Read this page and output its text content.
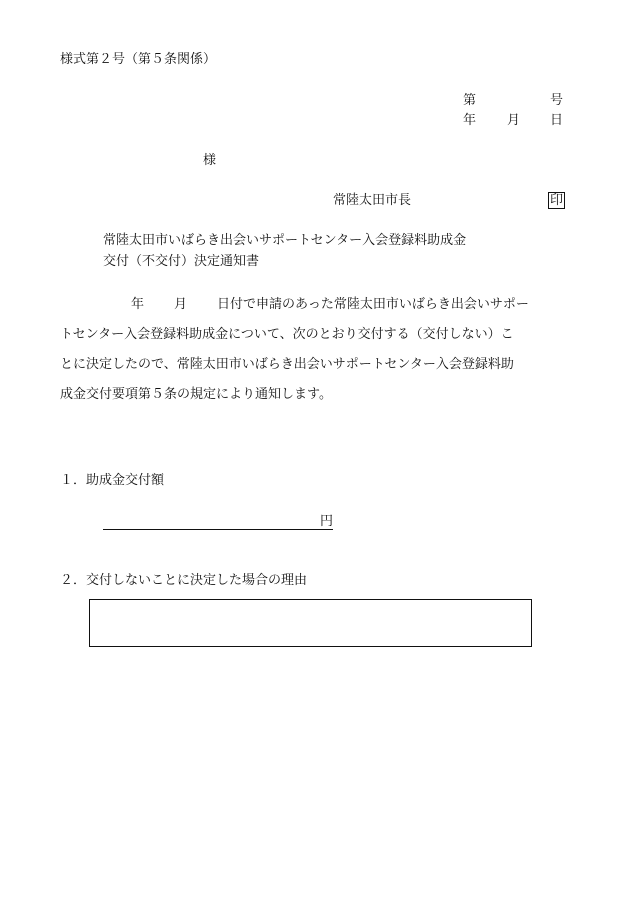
様式第２号（第５条関係）
第	号
年 月 日
様
常陸太田市長	印
常陸太田市いばらき出会いサポートセンター入会登録料助成金
交付（不交付）決定通知書
年 月 日付で申請のあった常陸太田市いばらき出会いサポー
トセンター入会登録料助成金について、次のとおり交付する（交付しない）こ
とに決定したので、常陸太田市いばらき出会いサポートセンター入会登録料助
成金交付要項第５条の規定により通知します。
１．助成金交付額
円
２．交付しないことに決定した場合の理由
